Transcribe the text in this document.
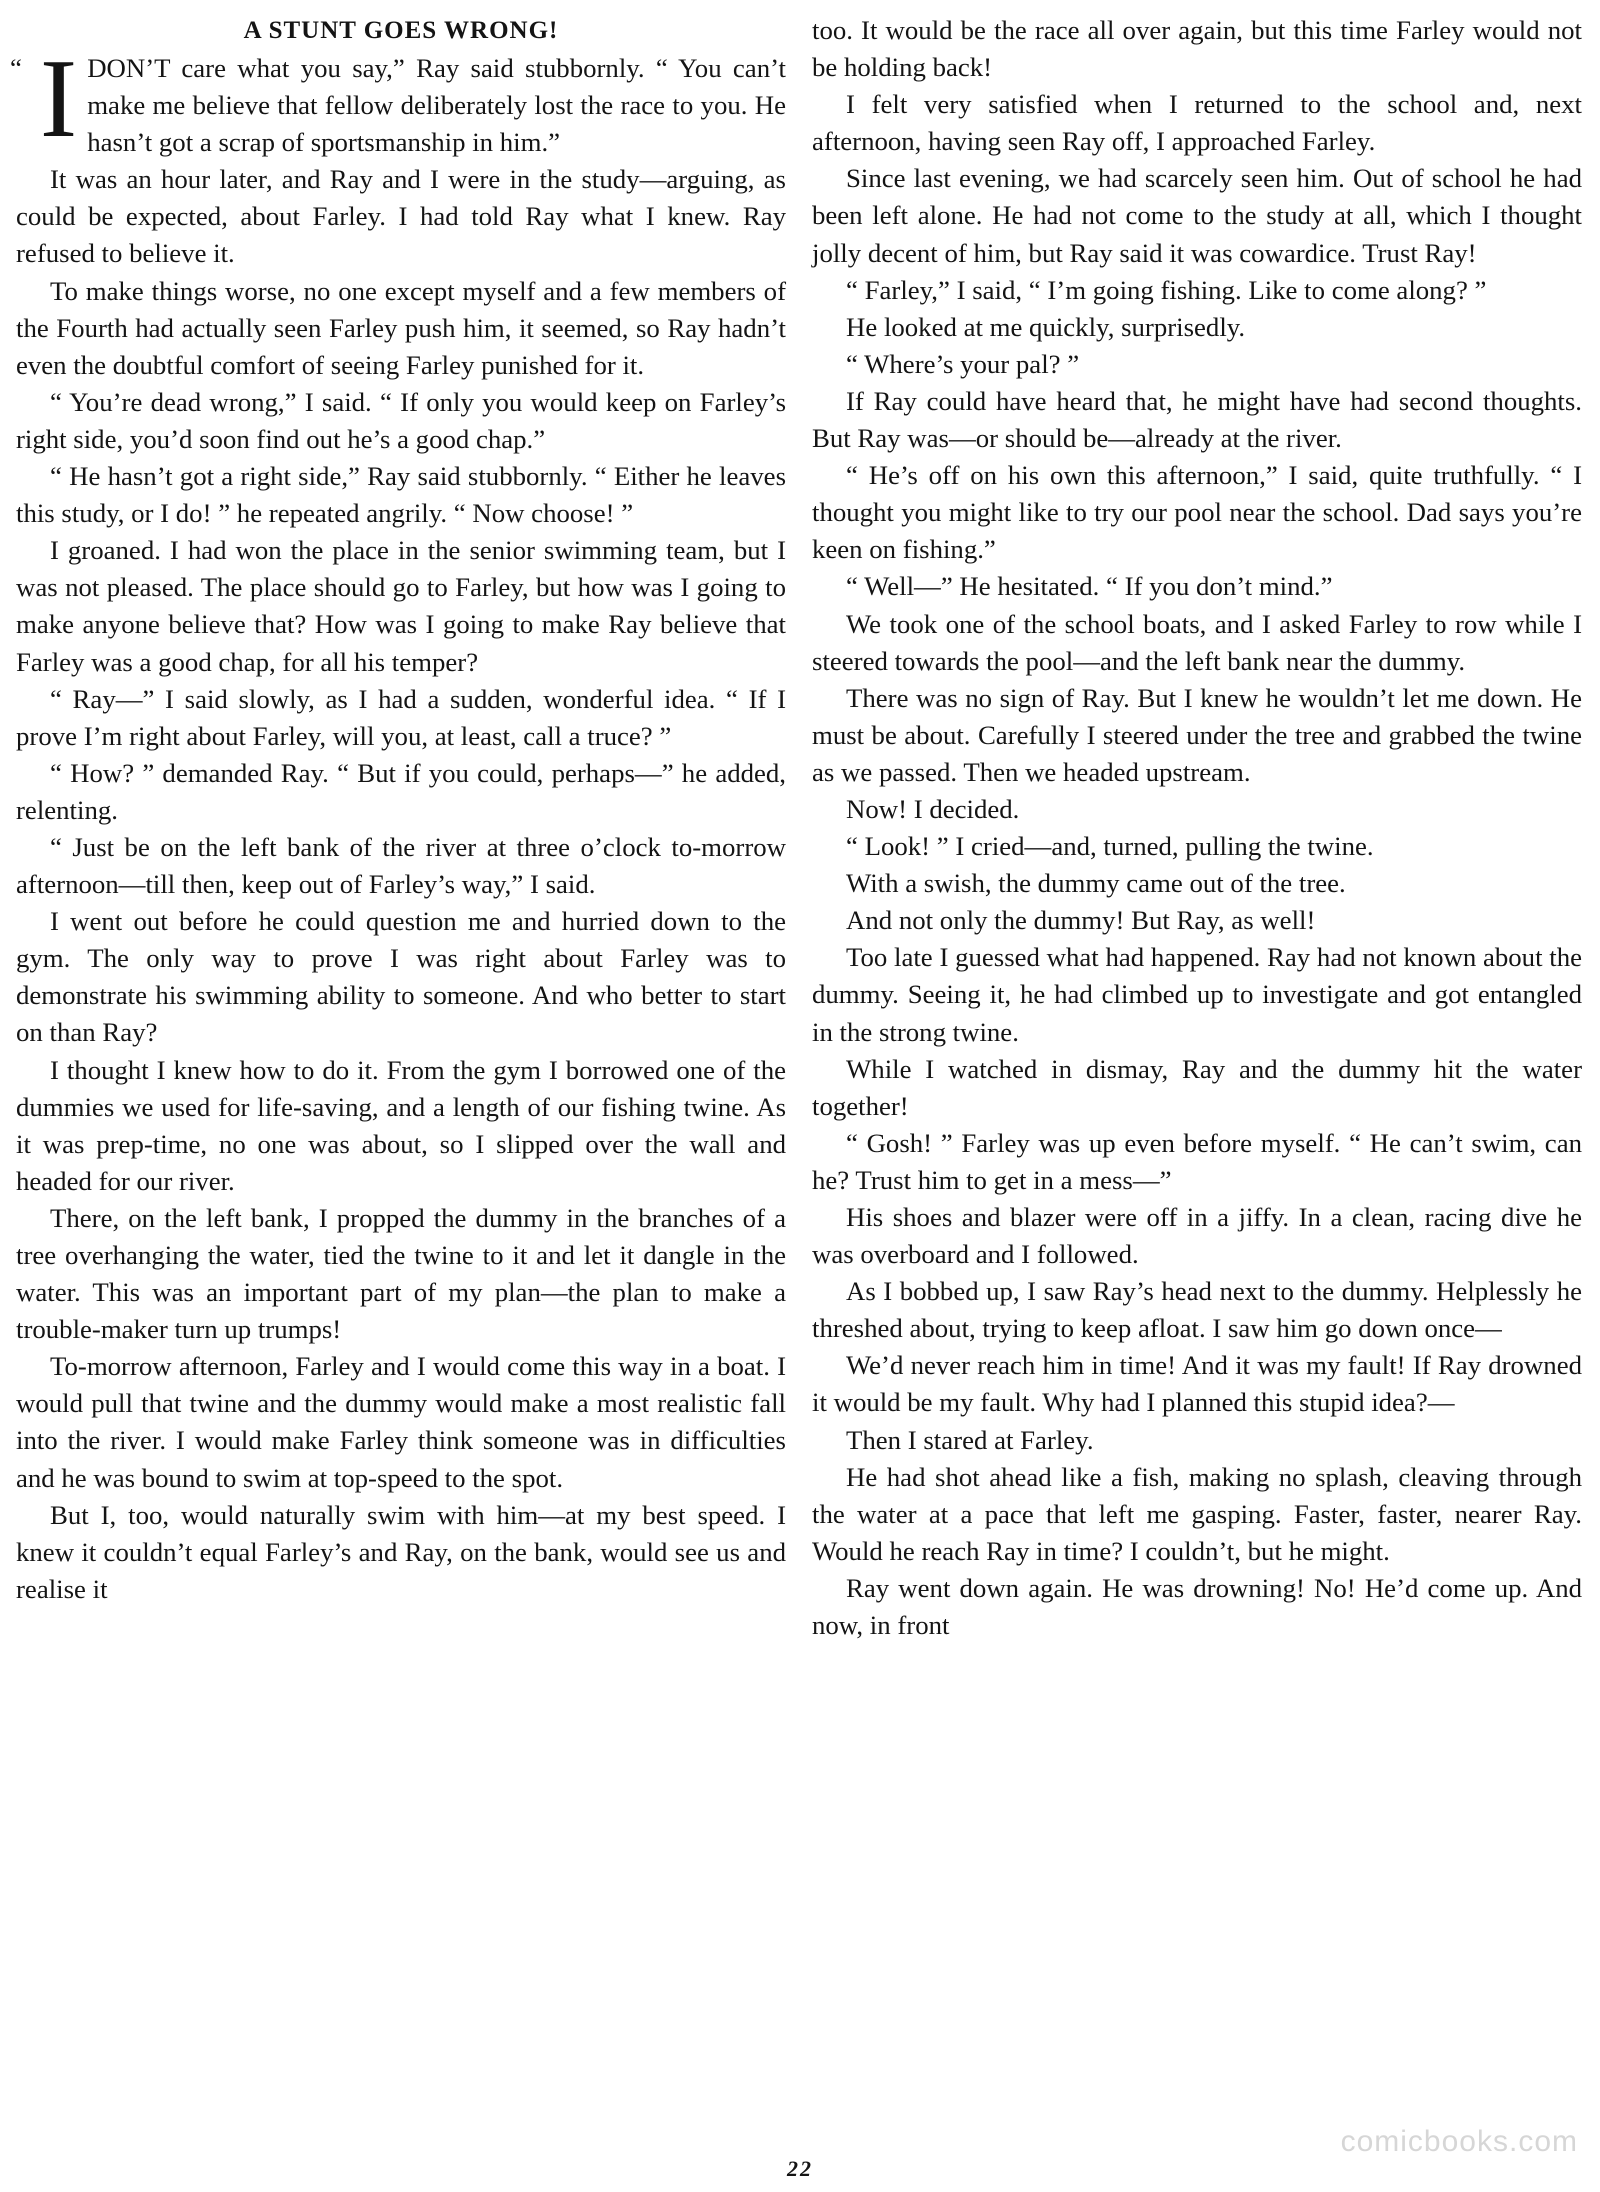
A STUNT GOES WRONG!

“ I DON’T care what you say,” Ray said stubbornly. “ You can’t make me believe that fellow deliberately lost the race to you. He hasn’t got a scrap of sportsmanship in him.”

It was an hour later, and Ray and I were in the study—arguing, as could be expected, about Farley. I had told Ray what I knew. Ray refused to believe it.

To make things worse, no one except myself and a few members of the Fourth had actually seen Farley push him, it seemed, so Ray hadn’t even the doubtful comfort of seeing Farley punished for it.

“ You’re dead wrong,” I said. “ If only you would keep on Farley’s right side, you’d soon find out he’s a good chap.”

“ He hasn’t got a right side,” Ray said stubbornly. “ Either he leaves this study, or I do! ” he repeated angrily. “ Now choose! ”

I groaned. I had won the place in the senior swimming team, but I was not pleased. The place should go to Farley, but how was I going to make anyone believe that? How was I going to make Ray believe that Farley was a good chap, for all his temper?

“ Ray—” I said slowly, as I had a sudden, wonderful idea. “ If I prove I’m right about Farley, will you, at least, call a truce? ”

“ How? ” demanded Ray. “ But if you could, perhaps—” he added, relenting.

“ Just be on the left bank of the river at three o’clock to-morrow afternoon—till then, keep out of Farley’s way,” I said.

I went out before he could question me and hurried down to the gym. The only way to prove I was right about Farley was to demonstrate his swimming ability to someone. And who better to start on than Ray?

I thought I knew how to do it. From the gym I borrowed one of the dummies we used for life-saving, and a length of our fishing twine. As it was prep-time, no one was about, so I slipped over the wall and headed for our river.

There, on the left bank, I propped the dummy in the branches of a tree overhanging the water, tied the twine to it and let it dangle in the water. This was an important part of my plan—the plan to make a trouble-maker turn up trumps!

To-morrow afternoon, Farley and I would come this way in a boat. I would pull that twine and the dummy would make a most realistic fall into the river. I would make Farley think someone was in difficulties and he was bound to swim at top-speed to the spot.

But I, too, would naturally swim with him—at my best speed. I knew it couldn’t equal Farley’s and Ray, on the bank, would see us and realise it

too. It would be the race all over again, but this time Farley would not be holding back!

I felt very satisfied when I returned to the school and, next afternoon, having seen Ray off, I approached Farley.

Since last evening, we had scarcely seen him. Out of school he had been left alone. He had not come to the study at all, which I thought jolly decent of him, but Ray said it was cowardice. Trust Ray!

“ Farley,” I said, “ I’m going fishing. Like to come along? ”

He looked at me quickly, surprisedly.

“ Where’s your pal? ”

If Ray could have heard that, he might have had second thoughts. But Ray was—or should be—already at the river.

“ He’s off on his own this afternoon,” I said, quite truthfully. “ I thought you might like to try our pool near the school. Dad says you’re keen on fishing.”

“ Well—” He hesitated. “ If you don’t mind.”

We took one of the school boats, and I asked Farley to row while I steered towards the pool—and the left bank near the dummy.

There was no sign of Ray. But I knew he wouldn’t let me down. He must be about. Carefully I steered under the tree and grabbed the twine as we passed. Then we headed upstream.

Now! I decided.

“ Look! ” I cried—and, turned, pulling the twine.

With a swish, the dummy came out of the tree.

And not only the dummy! But Ray, as well!

Too late I guessed what had happened. Ray had not known about the dummy. Seeing it, he had climbed up to investigate and got entangled in the strong twine.

While I watched in dismay, Ray and the dummy hit the water together!

“ Gosh! ” Farley was up even before myself. “ He can’t swim, can he? Trust him to get in a mess—”

His shoes and blazer were off in a jiffy. In a clean, racing dive he was overboard and I followed.

As I bobbed up, I saw Ray’s head next to the dummy. Helplessly he threshed about, trying to keep afloat. I saw him go down once—

We’d never reach him in time! And it was my fault! If Ray drowned it would be my fault. Why had I planned this stupid idea?—

Then I stared at Farley.

He had shot ahead like a fish, making no splash, cleaving through the water at a pace that left me gasping. Faster, faster, nearer Ray. Would he reach Ray in time? I couldn’t, but he might.

Ray went down again. He was drowning! No! He’d come up. And now, in front

comicbooks.com
22
